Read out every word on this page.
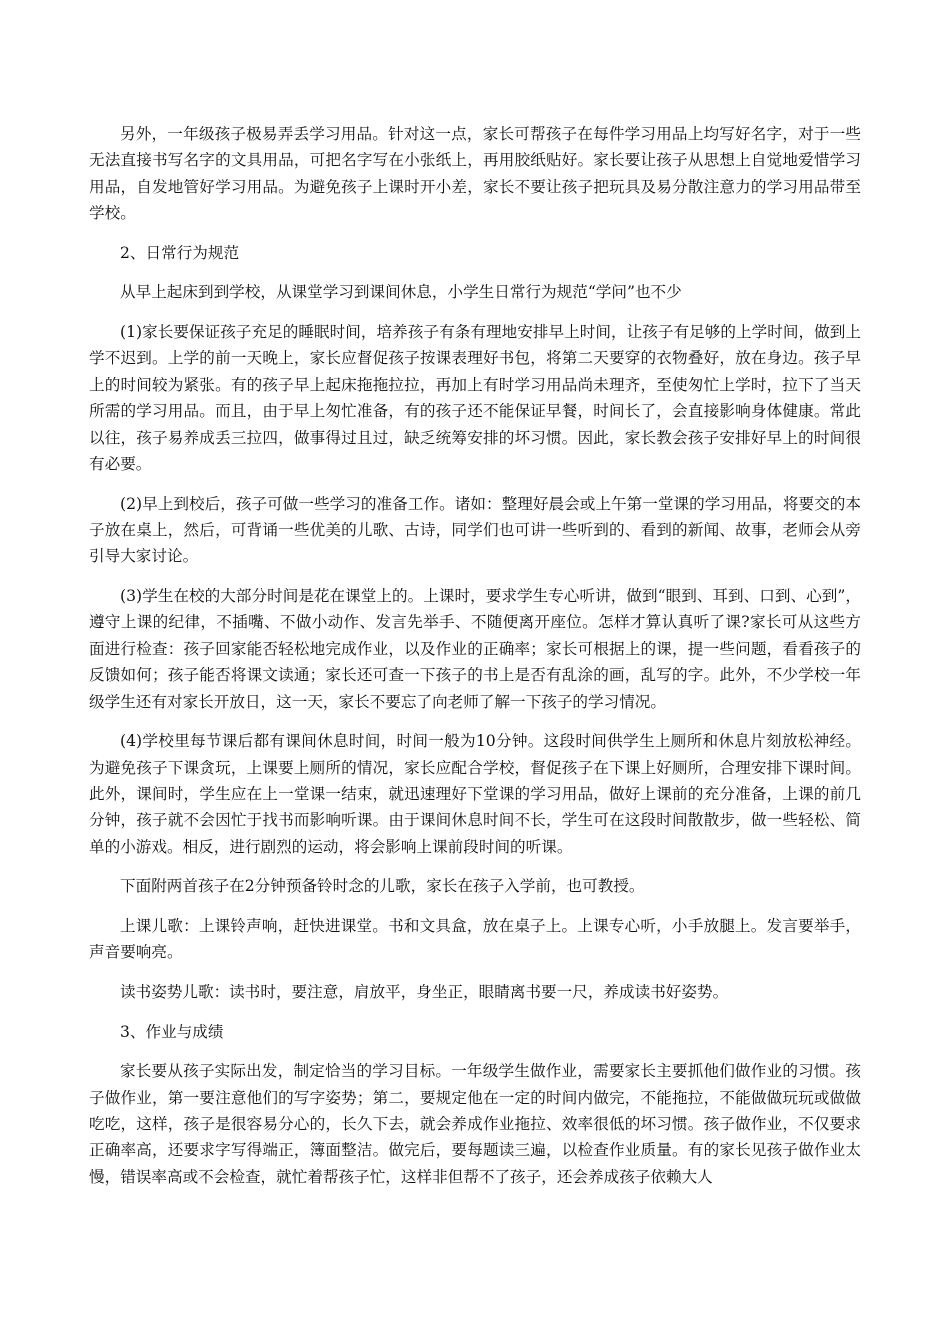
另外，一年级孩子极易弄丢学习用品。针对这一点，家长可帮孩子在每件学习用品上均写好名字，对于一些无法直接书写名字的文具用品，可把名字写在小张纸上，再用胶纸贴好。家长要让孩子从思想上自觉地爱惜学习用品，自发地管好学习用品。为避免孩子上课时开小差，家长不要让孩子把玩具及易分散注意力的学习用品带至学校。

2、日常行为规范

从早上起床到到学校，从课堂学习到课间休息，小学生日常行为规范“学问”也不少

(1)家长要保证孩子充足的睡眠时间，培养孩子有条有理地安排早上时间，让孩子有足够的上学时间，做到上学不迟到。上学的前一天晚上，家长应督促孩子按课表理好书包，将第二天要穿的衣物叠好，放在身边。孩子早上的时间较为紧张。有的孩子早上起床拖拖拉拉，再加上有时学习用品尚未理齐，至使匆忙上学时，拉下了当天所需的学习用品。而且，由于早上匆忙准备，有的孩子还不能保证早餐，时间长了，会直接影响身体健康。常此以往，孩子易养成丢三拉四，做事得过且过，缺乏统筹安排的坏习惯。因此，家长教会孩子安排好早上的时间很有必要。

(2)早上到校后，孩子可做一些学习的准备工作。诸如：整理好晨会或上午第一堂课的学习用品，将要交的本子放在桌上，然后，可背诵一些优美的儿歌、古诗，同学们也可讲一些听到的、看到的新闻、故事，老师会从旁引导大家讨论。

(3)学生在校的大部分时间是花在课堂上的。上课时，要求学生专心听讲，做到“眼到、耳到、口到、心到”，遵守上课的纪律，不插嘴、不做小动作、发言先举手、不随便离开座位。怎样才算认真听了课?家长可从这些方面进行检查：孩子回家能否轻松地完成作业，以及作业的正确率；家长可根据上的课，提一些问题，看看孩子的反馈如何；孩子能否将课文读通；家长还可查一下孩子的书上是否有乱涂的画，乱写的字。此外，不少学校一年级学生还有对家长开放日，这一天，家长不要忘了向老师了解一下孩子的学习情况。

(4)学校里每节课后都有课间休息时间，时间一般为10分钟。这段时间供学生上厕所和休息片刻放松神经。为避免孩子下课贪玩，上课要上厕所的情况，家长应配合学校，督促孩子在下课上好厕所，合理安排下课时间。此外，课间时，学生应在上一堂课一结束，就迅速理好下堂课的学习用品，做好上课前的充分准备，上课的前几分钟，孩子就不会因忙于找书而影响听课。由于课间休息时间不长，学生可在这段时间散散步，做一些轻松、简单的小游戏。相反，进行剧烈的运动，将会影响上课前段时间的听课。

下面附两首孩子在2分钟预备铃时念的儿歌，家长在孩子入学前，也可教授。

上课儿歌：上课铃声响，赶快进课堂。书和文具盒，放在桌子上。上课专心听，小手放腿上。发言要举手，声音要响亮。

读书姿势儿歌：读书时，要注意，肩放平，身坐正，眼睛离书要一尺，养成读书好姿势。

3、作业与成绩

家长要从孩子实际出发，制定恰当的学习目标。一年级学生做作业，需要家长主要抓他们做作业的习惯。孩子做作业，第一要注意他们的写字姿势；第二，要规定他在一定的时间内做完，不能拖拉，不能做做玩玩或做做吃吃，这样，孩子是很容易分心的，长久下去，就会养成作业拖拉、效率很低的坏习惯。孩子做作业，不仅要求正确率高，还要求字写得端正，簿面整洁。做完后，要每题读三遍，以检查作业质量。有的家长见孩子做作业太慢，错误率高或不会检查，就忙着帮孩子忙，这样非但帮不了孩子，还会养成孩子依赖大人
